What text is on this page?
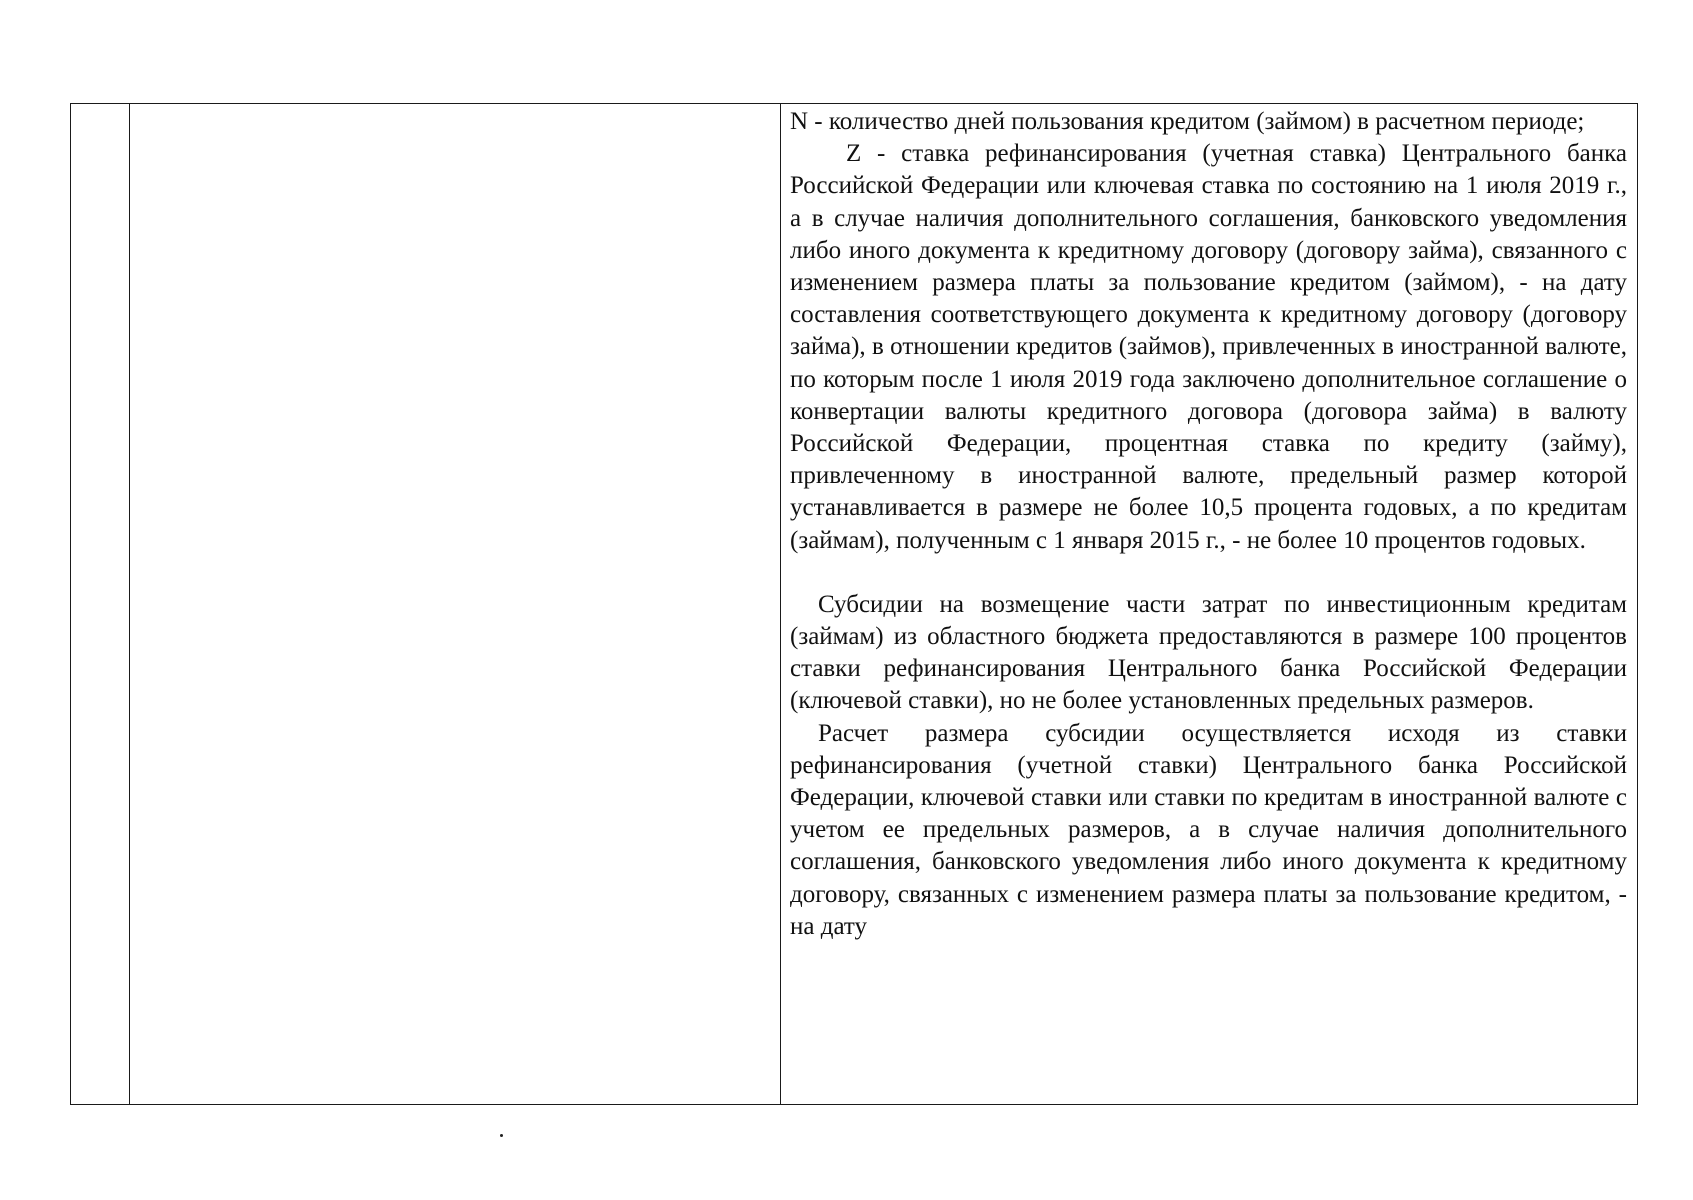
N - количество дней пользования кредитом (займом) в расчетном периоде;

Z - ставка рефинансирования (учетная ставка) Центрального банка Российской Федерации или ключевая ставка по состоянию на 1 июля 2019 г., а в случае наличия дополнительного соглашения, банковского уведомления либо иного документа к кредитному договору (договору займа), связанного с изменением размера платы за пользование кредитом (займом), - на дату составления соответствующего документа к кредитному договору (договору займа), в отношении кредитов (займов), привлеченных в иностранной валюте, по которым после 1 июля 2019 года заключено дополнительное соглашение о конвертации валюты кредитного договора (договора займа) в валюту Российской Федерации, процентная ставка по кредиту (займу), привлеченному в иностранной валюте, предельный размер которой устанавливается в размере не более 10,5 процента годовых, а по кредитам (займам), полученным с 1 января 2015 г., - не более 10 процентов годовых.

Субсидии на возмещение части затрат по инвестиционным кредитам (займам) из областного бюджета предоставляются в размере 100 процентов ставки рефинансирования Центрального банка Российской Федерации (ключевой ставки), но не более установленных предельных размеров.

Расчет размера субсидии осуществляется исходя из ставки рефинансирования (учетной ставки) Центрального банка Российской Федерации, ключевой ставки или ставки по кредитам в иностранной валюте с учетом ее предельных размеров, а в случае наличия дополнительного соглашения, банковского уведомления либо иного документа к кредитному договору, связанных с изменением размера платы за пользование кредитом, - на дату
